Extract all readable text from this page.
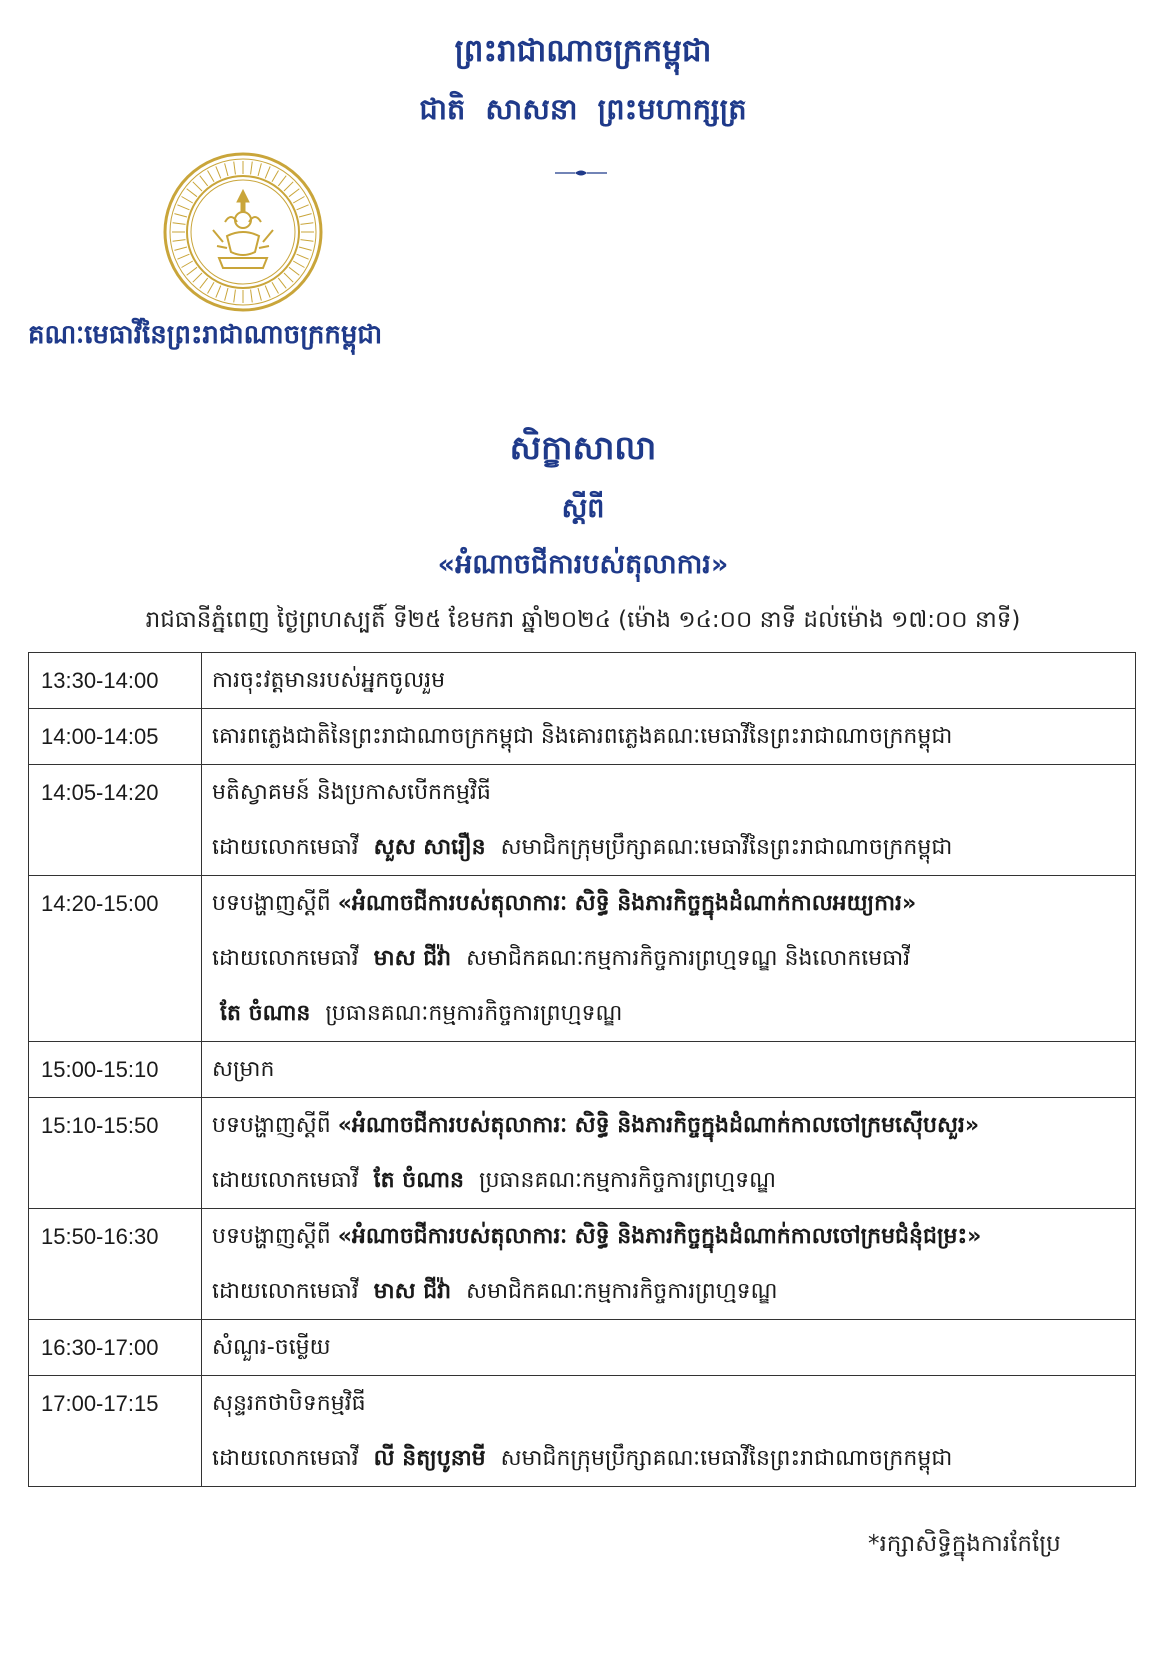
ព្រះរាជាណាចក្រកម្ពុជា
ជាតិ សាសនា ព្រះមហាក្សត្រ
គណៈមេធាវីនៃព្រះរាជាណាចក្រកម្ពុជា
សិក្ខាសាលា
ស្តីពី
«អំណាចជីការបស់តុលាការ»
រាជធានីភ្នំពេញ ថ្ងៃព្រហស្បតិ៍ ទី២៥ ខែមករា ឆ្នាំ២០២៤ (ម៉ោង ១៤:០០ នាទី ដល់ម៉ោង ១៧:០០ នាទី)
13:30-14:00	ការចុះវត្តមានរបស់អ្នកចូលរួម

14:00-14:05	គោរពភ្លេងជាតិនៃព្រះរាជាណាចក្រកម្ពុជា និងគោរពភ្លេងគណៈមេធាវីនៃព្រះរាជាណាចក្រកម្ពុជា

14:05-14:20	មតិស្វាគមន៍ និងប្រកាសបើកកម្មវិធី
ដោយលោកមេធាវី សួស សារឿន សមាជិកក្រុមប្រឹក្សាគណៈមេធាវីនៃព្រះរាជាណាចក្រកម្ពុជា

14:20-15:00	បទបង្ហាញស្តីពី «អំណាចជីការបស់តុលាការៈ សិទ្ធិ និងភារកិច្ចក្នុងដំណាក់កាលអយ្យការ»
ដោយលោកមេធាវី មាស ជីវ៉ា សមាជិកគណៈកម្មការកិច្ចការព្រហ្មទណ្ឌ និងលោកមេធាវី
តែ ចំណាន ប្រធានគណៈកម្មការកិច្ចការព្រហ្មទណ្ឌ

15:00-15:10	សម្រាក

15:10-15:50	បទបង្ហាញស្តីពី «អំណាចជីការបស់តុលាការៈ សិទ្ធិ និងភារកិច្ចក្នុងដំណាក់កាលចៅក្រមស៊ើបសួរ»
ដោយលោកមេធាវី តែ ចំណាន ប្រធានគណៈកម្មការកិច្ចការព្រហ្មទណ្ឌ

15:50-16:30	បទបង្ហាញស្តីពី «អំណាចជីការបស់តុលាការៈ សិទ្ធិ និងភារកិច្ចក្នុងដំណាក់កាលចៅក្រមជំនុំជម្រះ»
ដោយលោកមេធាវី មាស ជីវ៉ា សមាជិកគណៈកម្មការកិច្ចការព្រហ្មទណ្ឌ

16:30-17:00	សំណួរ-ចម្លើយ

17:00-17:15	សុន្ទរកថាបិទកម្មវិធី
ដោយលោកមេធាវី លី និត្យបូនាមី សមាជិកក្រុមប្រឹក្សាគណៈមេធាវីនៃព្រះរាជាណាចក្រកម្ពុជា
*រក្សាសិទ្ធិក្នុងការកែប្រែ
